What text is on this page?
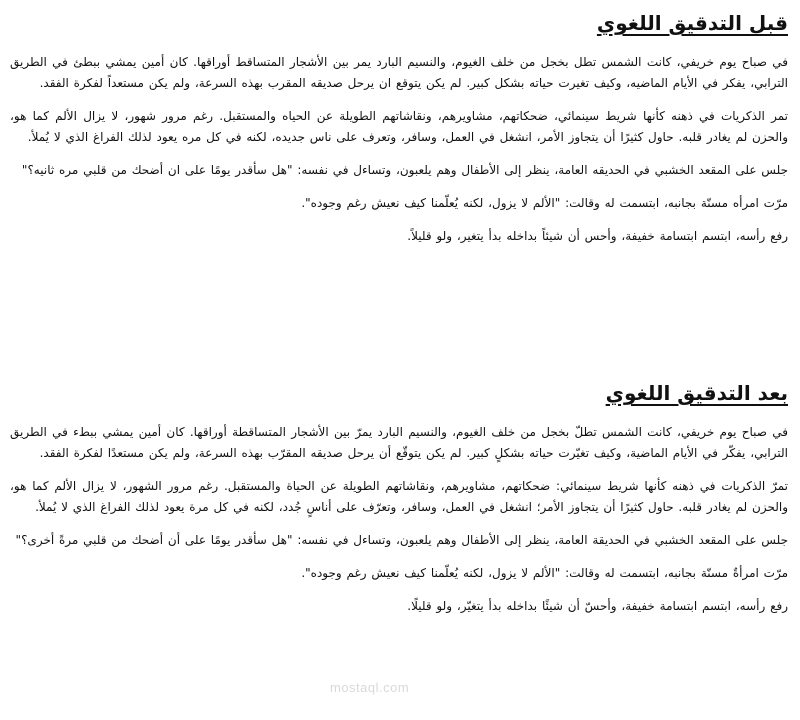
قبل التدقيق اللغوي

في صباح يوم خريفي، كانت الشمس تطل بخجل من خلف الغيوم، والنسيم البارد يمر بين الأشجار المتساقط أوراقها. كان أمين يمشي ببطئ في الطريق الترابي، يفكر في الأيام الماضيه، وكيف تغيرت حياته بشكل كبير. لم يكن يتوقع ان يرحل صديقه المقرب بهذه السرعة، ولم يكن مستعداً لفكرة الفقد.

تمر الذكريات في ذهنه كأنها شريط سينمائي، ضحكاتهم، مشاويرهم، ونقاشاتهم الطويلة عن الحياه والمستقبل. رغم مرور شهور، لا يزال الألم كما هو، والحزن لم يغادر قلبه. حاول كثيرًا أن يتجاوز الأمر، انشغل في العمل، وسافر، وتعرف على ناس جديده، لكنه في كل مره يعود لذلك الفراغ الذي لا يُملأ.

جلس على المقعد الخشبي في الحديقه العامة، ينظر إلى الأطفال وهم يلعبون، وتساءل في نفسه: "هل سأقدر يومًا على ان أضحك من قلبي مره ثانيه؟"

مرّت امرأه مسنّة بجانبه، ابتسمت له وقالت: "الألم لا يزول، لكنه يُعلّمنا كيف نعيش رغم وجوده".

رفع رأسه، ابتسم ابتسامة خفيفة، وأحس أن شيئاً بداخله بدأ يتغير، ولو قليلاً.

بعد التدقيق اللغوي

في صباح يوم خريفي، كانت الشمس تطلّ بخجل من خلف الغيوم، والنسيم البارد يمرّ بين الأشجار المتساقطة أوراقها. كان أمين يمشي ببطء في الطريق الترابي، يفكّر في الأيام الماضية، وكيف تغيّرت حياته بشكلٍ كبير. لم يكن يتوقّع أن يرحل صديقه المقرّب بهذه السرعة، ولم يكن مستعدًا لفكرة الفقد.

تمرّ الذكريات في ذهنه كأنها شريط سينمائي: ضحكاتهم، مشاويرهم، ونقاشاتهم الطويلة عن الحياة والمستقبل. رغم مرور الشهور، لا يزال الألم كما هو، والحزن لم يغادر قلبه. حاول كثيرًا أن يتجاوز الأمر؛ انشغل في العمل، وسافر، وتعرّف على أناسٍ جُدد، لكنه في كل مرة يعود لذلك الفراغ الذي لا يُملأ.

جلس على المقعد الخشبي في الحديقة العامة، ينظر إلى الأطفال وهم يلعبون، وتساءل في نفسه: "هل سأقدر يومًا على أن أضحك من قلبي مرةً أخرى؟"

مرّت امرأةٌ مسنّة بجانبه، ابتسمت له وقالت: "الألم لا يزول، لكنه يُعلّمنا كيف نعيش رغم وجوده".

رفع رأسه، ابتسم ابتسامة خفيفة، وأحسّ أن شيئًا بداخله بدأ يتغيّر، ولو قليلًا.

mostaql.com
